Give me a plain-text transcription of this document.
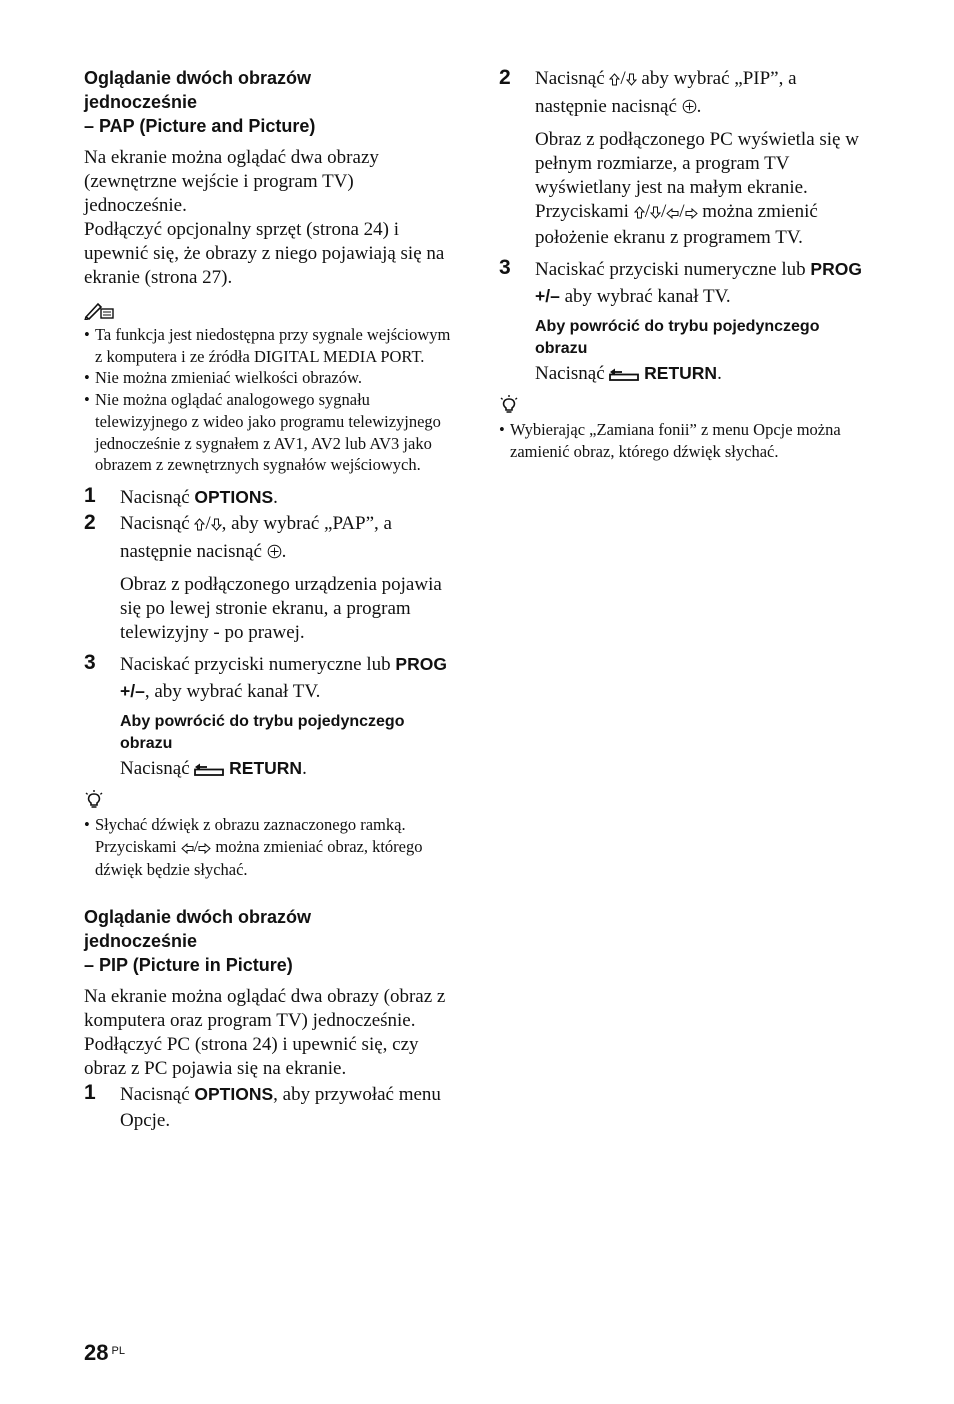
Oglądanie dwóch obrazów
jednocześnie
– PAP (Picture and Picture)

Na ekranie można oglądać dwa obrazy (zewnętrzne wejście i program TV) jednocześnie.

Podłączyć opcjonalny sprzęt (strona 24) i upewnić się, że obrazy z niego pojawiają się na ekranie (strona 27).

• Ta funkcja jest niedostępna przy sygnale wejściowym z komputera i ze źródła DIGITAL MEDIA PORT.
• Nie można zmieniać wielkości obrazów.
• Nie można oglądać analogowego sygnału telewizyjnego z wideo jako programu telewizyjnego jednocześnie z sygnałem z AV1, AV2 lub AV3 jako obrazem z zewnętrznych sygnałów wejściowych.
1	Nacisnąć OPTIONS.
2	Nacisnąć / , aby wybrać „PAP”, a następnie nacisnąć .

Obraz z podłączonego urządzenia pojawia się po lewej stronie ekranu, a program telewizyjny - po prawej.

3	Naciskać przyciski numeryczne lub PROG +/–, aby wybrać kanał TV.
Aby powrócić do trybu pojedynczego obrazu
Nacisnąć  RETURN.
• Słychać dźwięk z obrazu zaznaczonego ramką. Przyciskami / można zmieniać obraz, którego dźwięk będzie słychać.
Oglądanie dwóch obrazów
jednocześnie
– PIP (Picture in Picture)

Na ekranie można oglądać dwa obrazy (obraz z komputera oraz program TV) jednocześnie.

Podłączyć PC (strona 24) i upewnić się, czy obraz z PC pojawia się na ekranie.

1	Nacisnąć OPTIONS, aby przywołać menu Opcje.
2	Nacisnąć / aby wybrać „PIP”, a następnie nacisnąć .

Obraz z podłączonego PC wyświetla się w pełnym rozmiarze, a program TV wyświetlany jest na małym ekranie. Przyciskami / / / można zmienić położenie ekranu z programem TV.

3	Naciskać przyciski numeryczne lub PROG +/– aby wybrać kanał TV.
Aby powrócić do trybu pojedynczego obrazu
Nacisnąć  RETURN.
• Wybierając „Zamiana fonii” z menu Opcje można zamienić obraz, którego dźwięk słychać.
28 $^{PL}$
